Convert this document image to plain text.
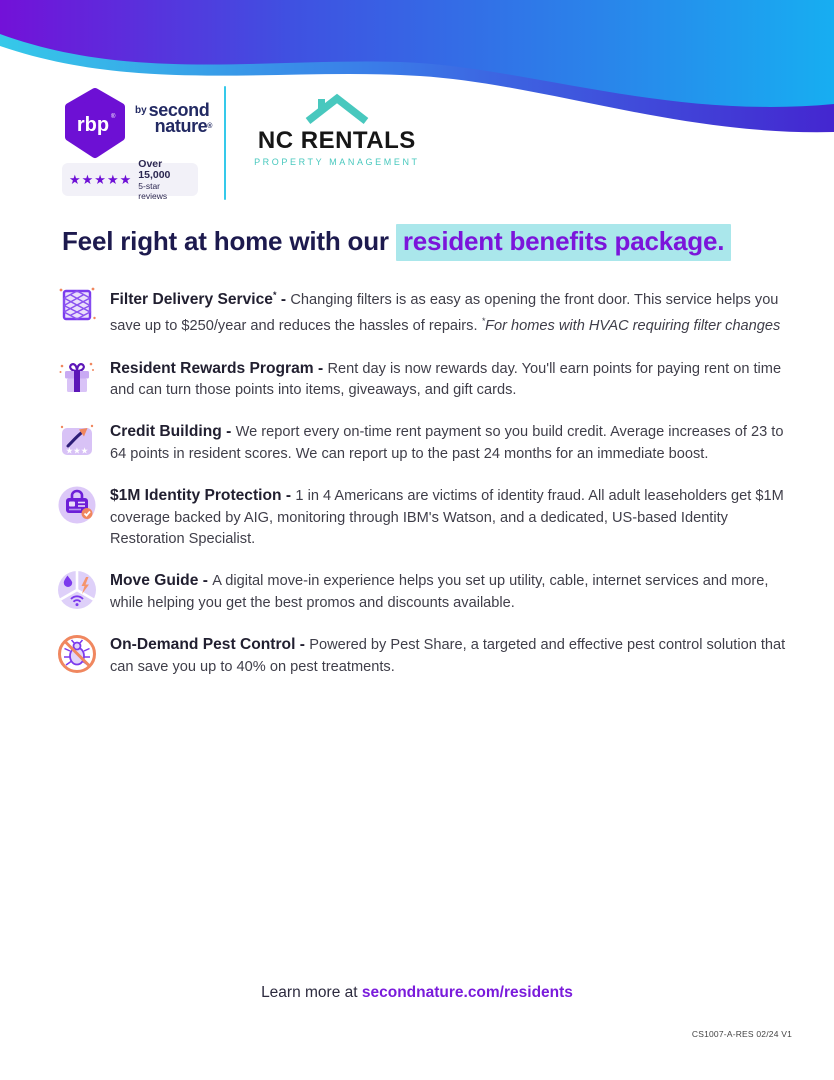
rbp ®
by second
nature®
★★★★★
Over 15,000
5-star reviews
NC RENTALS
PROPERTY MANAGEMENT
Feel right at home with our resident benefits package.

Filter Delivery Service* - Changing filters is as easy as opening the front door. This service helps you save up to $250/year and reduces the hassles of repairs. *For homes with HVAC requiring filter changes

Resident Rewards Program - Rent day is now rewards day. You'll earn points for paying rent on time and can turn those points into items, giveaways, and gift cards.

★★★

Credit Building - We report every on-time rent payment so you build credit. Average increases of 23 to 64 points in resident scores. We can report up to the past 24 months for an immediate boost.

$1M Identity Protection - 1 in 4 Americans are victims of identity fraud. All adult leaseholders get $1M coverage backed by AIG, monitoring through IBM's Watson, and a dedicated, US-based Identity Restoration Specialist.

Move Guide - A digital move-in experience helps you set up utility, cable, internet services and more, while helping you get the best promos and discounts available.

On-Demand Pest Control - Powered by Pest Share, a targeted and effective pest control solution that can save you up to 40% on pest treatments.

Learn more at secondnature.com/residents

CS1007-A-RES 02/24 V1
